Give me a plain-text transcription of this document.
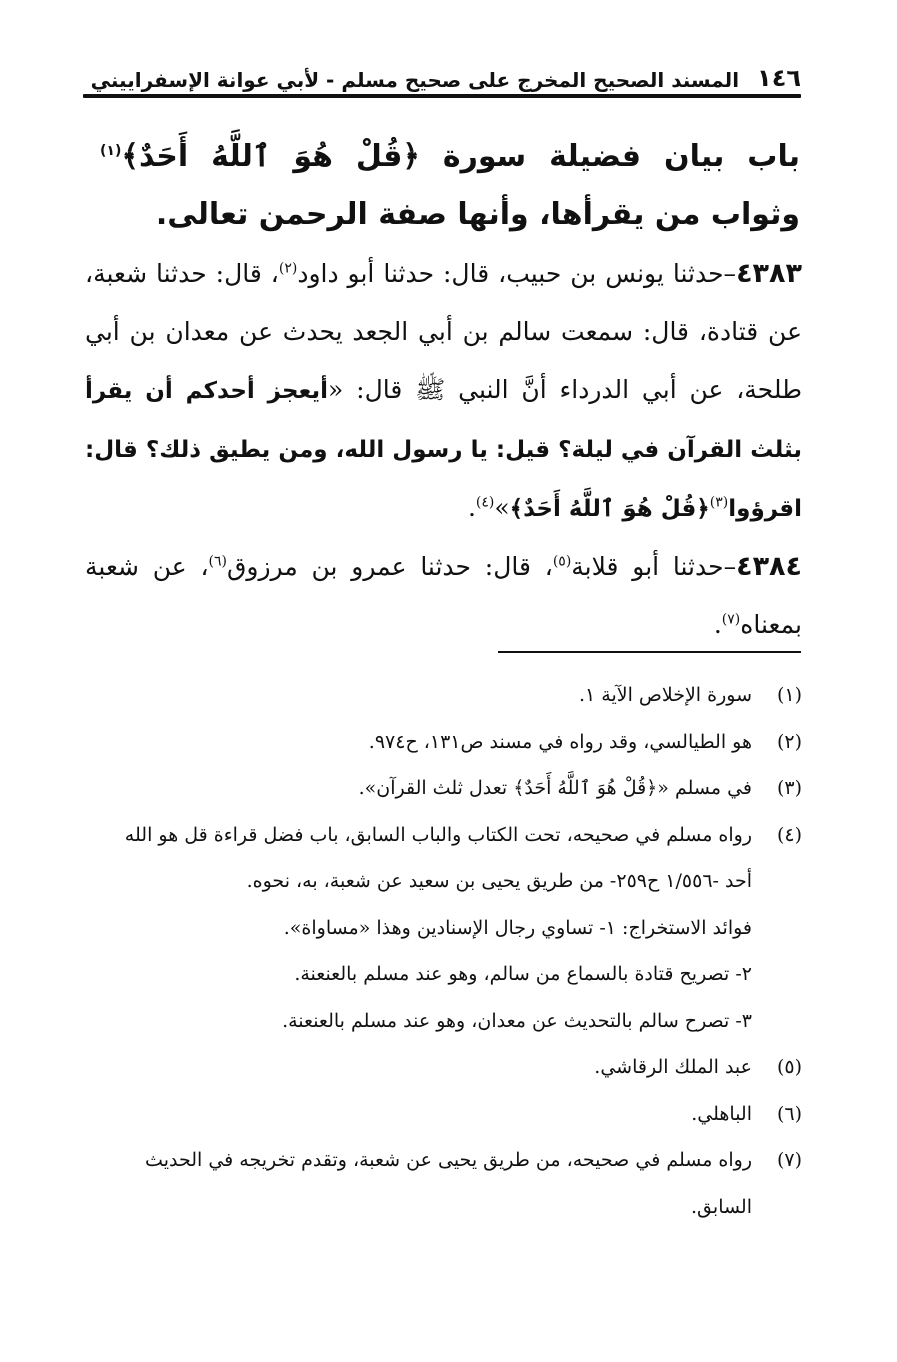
١٤٦
المسند الصحيح المخرج على صحيح مسلم - لأبي عوانة الإسفراييني
باب بيان فضيلة سورة ﴿قُلْ هُوَ ٱللَّهُ أَحَدٌ﴾$^{(١)}$ وثواب من يقرأها، وأنها صفة الرحمن تعالى.

٤٣٨٣–حدثنا يونس بن حبيب، قال: حدثنا أبو داود$^{(٢)}$، قال: حدثنا شعبة، عن قتادة، قال: سمعت سالم بن أبي الجعد يحدث عن معدان بن أبي طلحة، عن أبي الدرداء أنَّ النبي ﷺ قال: «أيعجز أحدكم أن يقرأ بثلث القرآن في ليلة؟ قيل: يا رسول الله، ومن يطيق ذلك؟ قال: اقرؤوا$^{(٣)}$﴿قُلْ هُوَ ٱللَّهُ أَحَدٌ﴾»$^{(٤)}$.

٤٣٨٤–حدثنا أبو قلابة$^{(٥)}$، قال: حدثنا عمرو بن مرزوق$^{(٦)}$، عن شعبة بمعناه$^{(٧)}$.

(١)
سورة الإخلاص الآية ١.
(٢)
هو الطيالسي، وقد رواه في مسند ص١٣١، ح٩٧٤.
(٣)
في مسلم «﴿قُلْ هُوَ ٱللَّهُ أَحَدٌ﴾ تعدل ثلث القرآن».
(٤)
رواه مسلم في صحيحه، تحت الكتاب والباب السابق، باب فضل قراءة قل هو الله
أحد -١/٥٥٦ ح٢٥٩- من طريق يحيى بن سعيد عن شعبة، به، نحوه.
فوائد الاستخراج: ١- تساوي رجال الإسنادين وهذا «مساواة».
٢- تصريح قتادة بالسماع من سالم، وهو عند مسلم بالعنعنة.
٣- تصرح سالم بالتحديث عن معدان، وهو عند مسلم بالعنعنة.
(٥)
عبد الملك الرقاشي.
(٦)
الباهلي.
(٧)
رواه مسلم في صحيحه، من طريق يحيى عن شعبة، وتقدم تخريجه في الحديث السابق.
